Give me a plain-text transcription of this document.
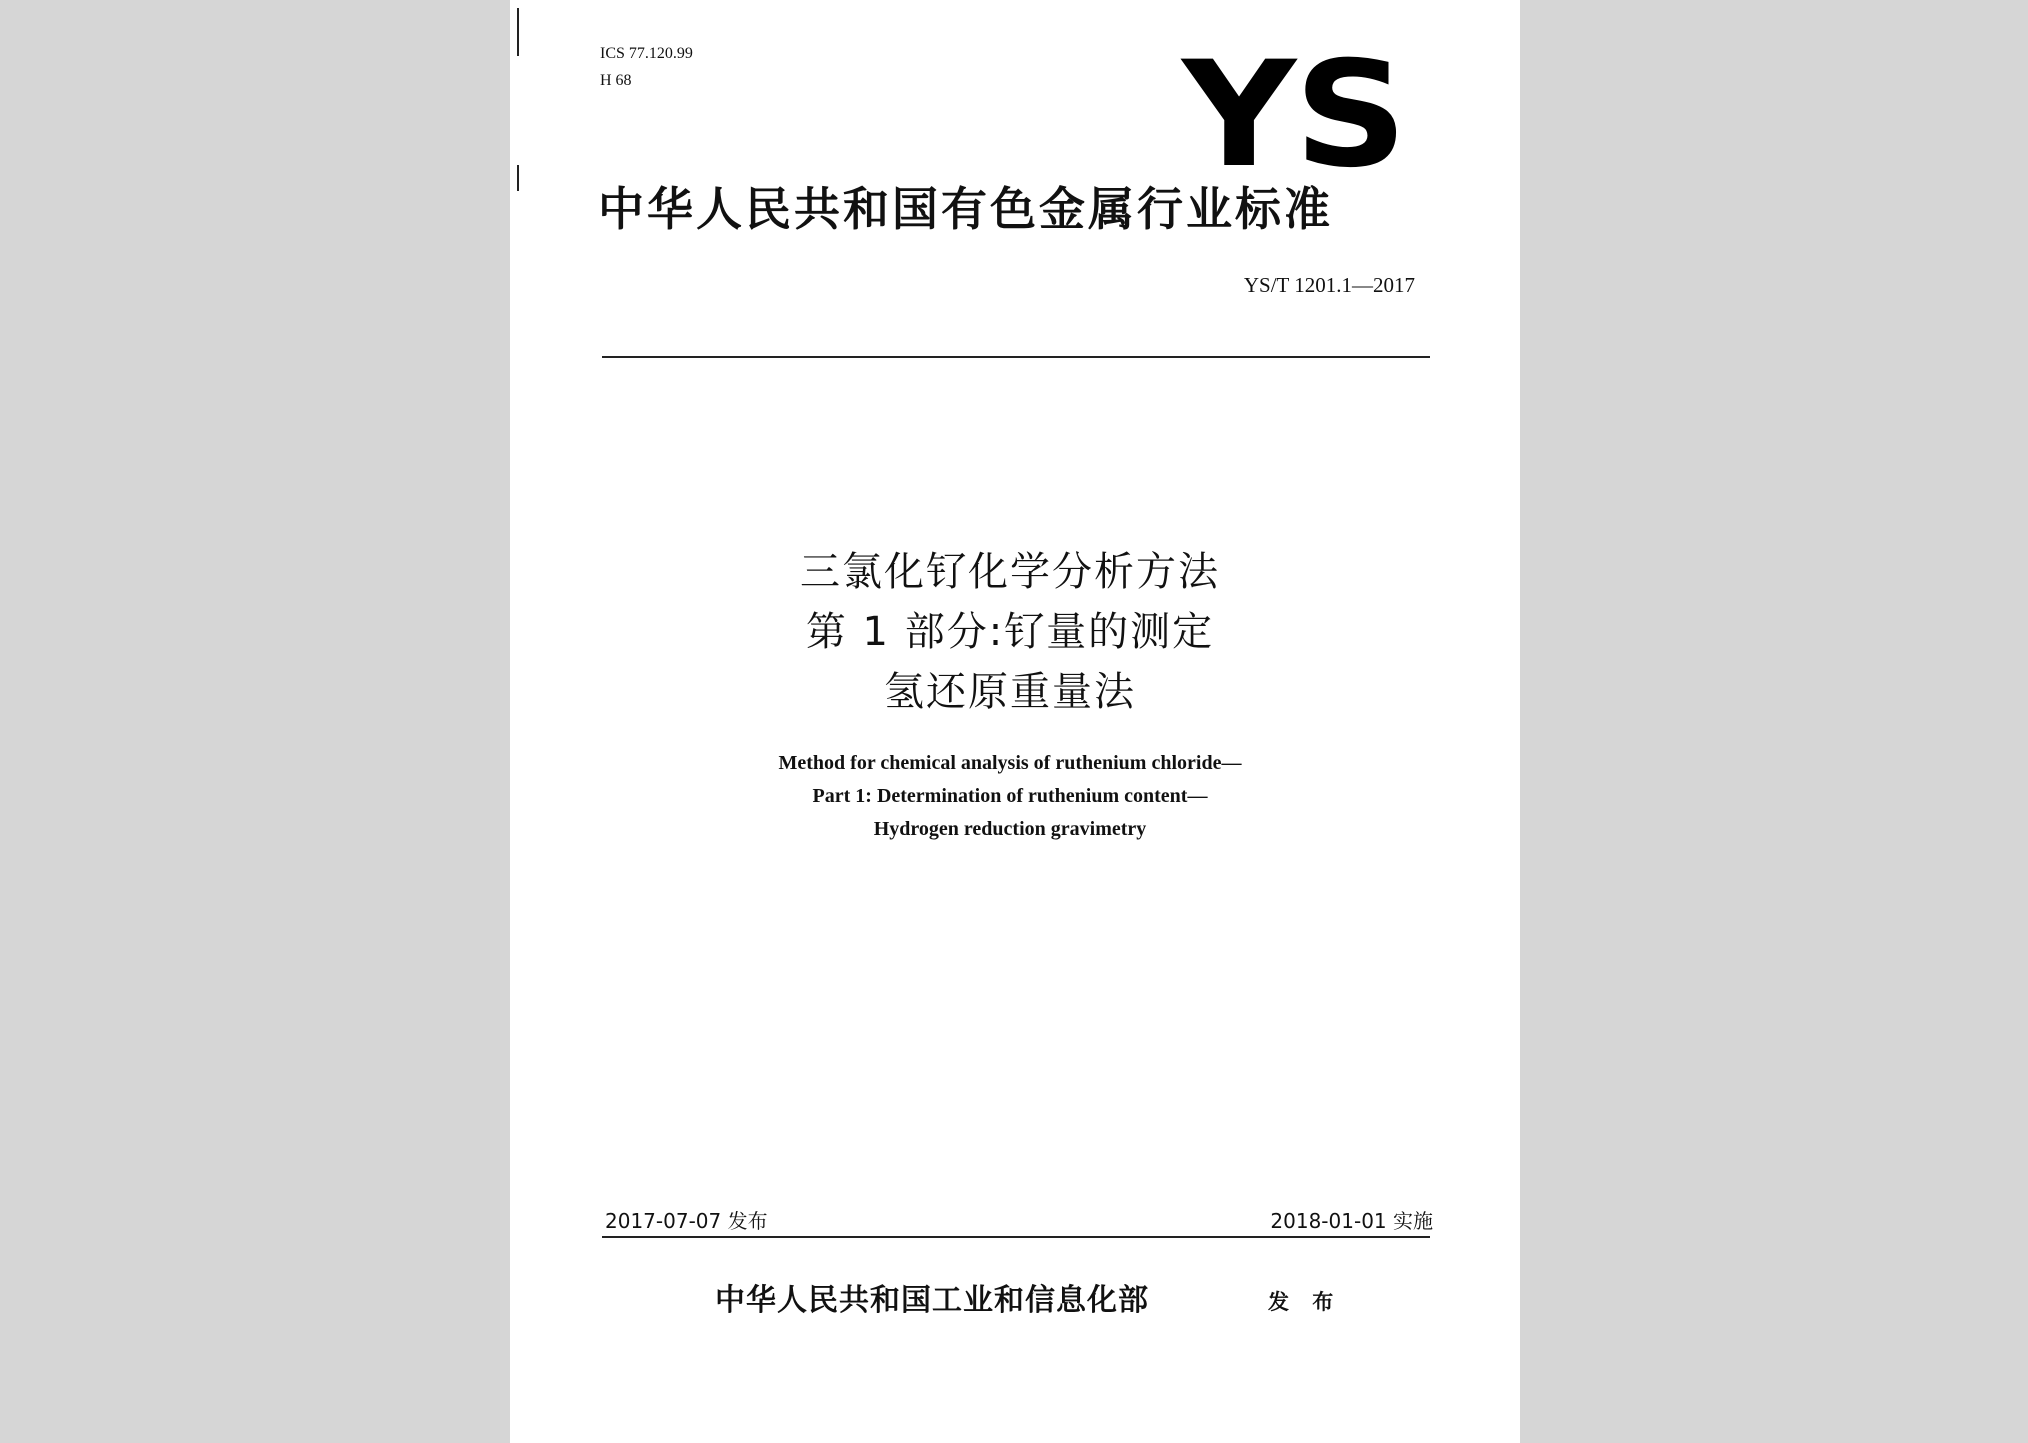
ICS 77.120.99
H 68	YS
中华人民共和国有色金属行业标准
YS/T 1201.1—2017
三氯化钌化学分析方法
第 1 部分:钌量的测定
氢还原重量法
Method for chemical analysis of ruthenium chloride—
Part 1: Determination of ruthenium content—
Hydrogen reduction gravimetry
2017-07-07 发布	2018-01-01 实施
中华人民共和国工业和信息化部	发 布
